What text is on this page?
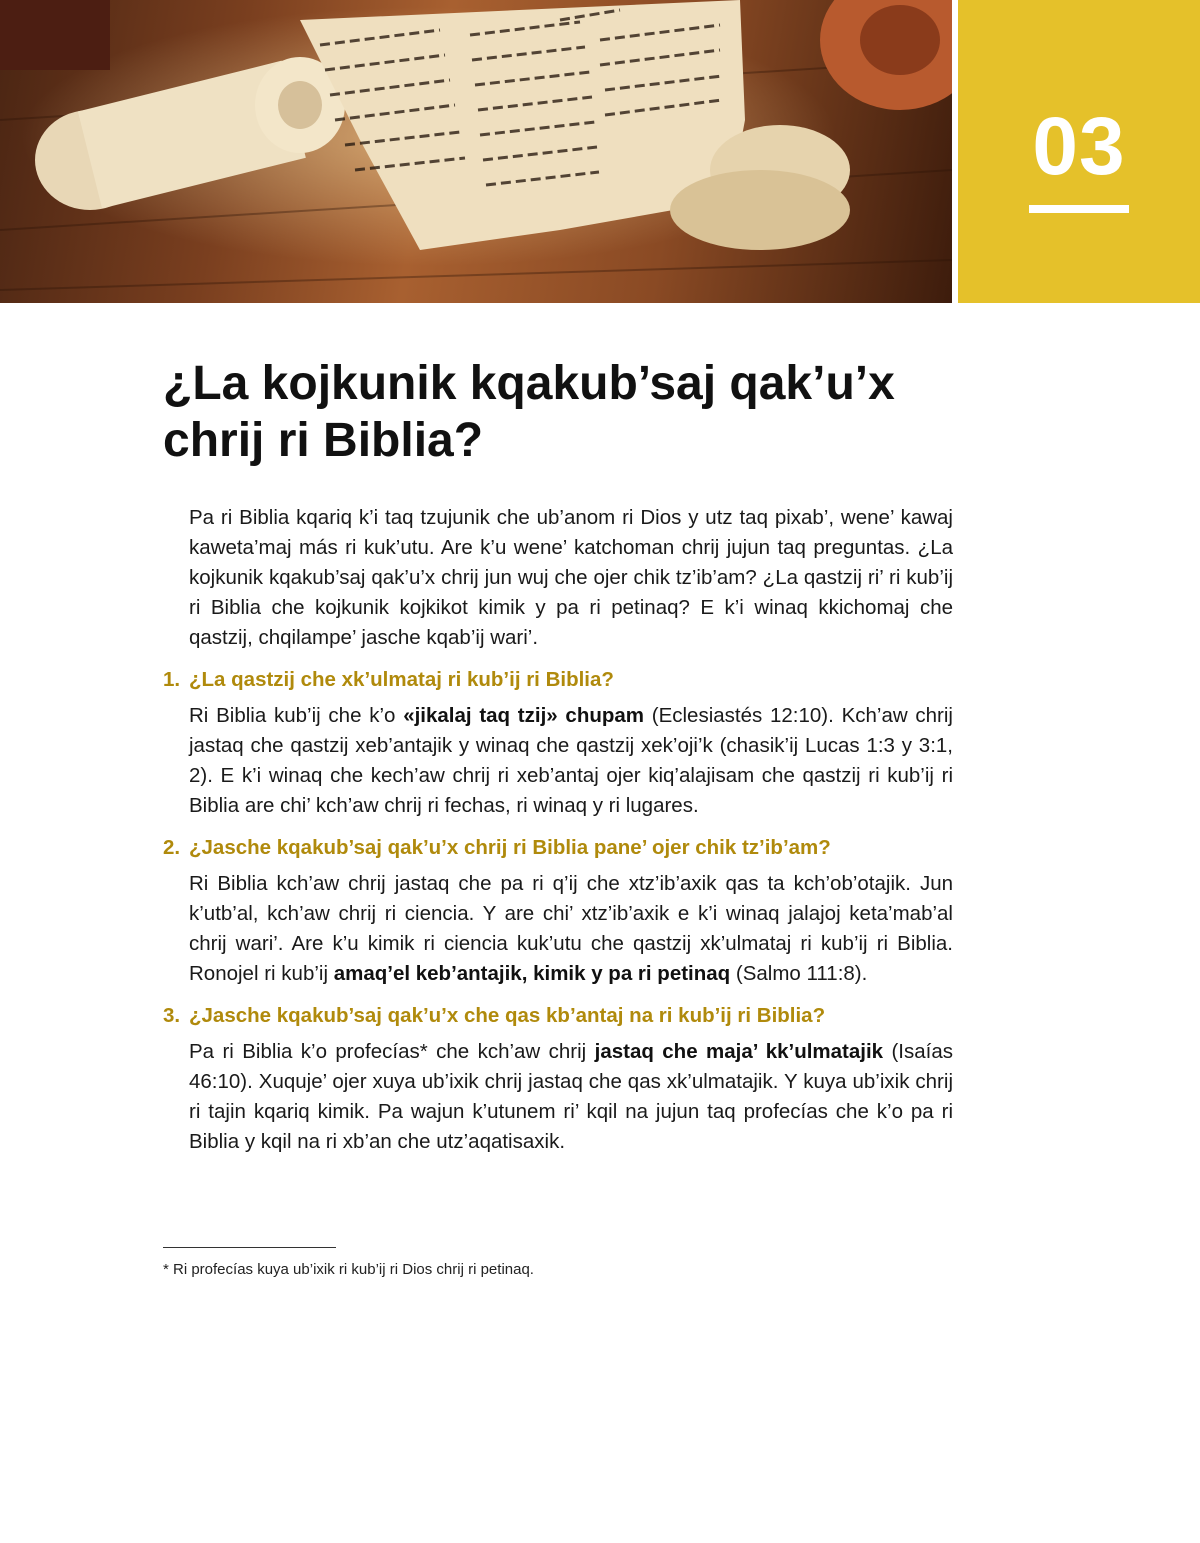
03
¿La kojkunik kqakub’saj qak’u’x
chrij ri Biblia?

Pa ri Biblia kqariq k’i taq tzujunik che ub’anom ri Dios y utz taq pixab’, wene’ kawaj kaweta’maj más ri kuk’utu. Are k’u wene’ katchoman chrij jujun taq preguntas. ¿La kojkunik kqakub’saj qak’u’x chrij jun wuj che ojer chik tz’ib’am? ¿La qastzij ri’ ri kub’ij ri Biblia che kojkunik kojkikot kimik y pa ri petinaq? E k’i winaq kkichomaj che qastzij, chqilampe’ jasche kqab’ij wari’.

1. ¿La qastzij che xk’ulmataj ri kub’ij ri Biblia?

Ri Biblia kub’ij che k’o «jikalaj taq tzij» chupam (Eclesiastés 12:10). Kch’aw chrij jastaq che qastzij xeb’antajik y winaq che qastzij xek’oji’k (chasik’ij Lucas 1:3 y 3:1, 2). E k’i winaq che kech’aw chrij ri xeb’antaj ojer kiq’alajisam che qastzij ri kub’ij ri Biblia are chi’ kch’aw chrij ri fechas, ri winaq y ri lugares.

2. ¿Jasche kqakub’saj qak’u’x chrij ri Biblia pane’ ojer chik tz’ib’am?

Ri Biblia kch’aw chrij jastaq che pa ri q’ij che xtz’ib’axik qas ta kch’ob’otajik. Jun k’utb’al, kch’aw chrij ri ciencia. Y are chi’ xtz’ib’axik e k’i winaq jalajoj keta’mab’al chrij wari’. Are k’u kimik ri ciencia kuk’utu che qastzij xk’ulmataj ri kub’ij ri Biblia. Ronojel ri kub’ij amaq’el keb’antajik, kimik y pa ri petinaq (Salmo 111:8).

3. ¿Jasche kqakub’saj qak’u’x che qas kb’antaj na ri kub’ij ri Biblia?

Pa ri Biblia k’o profecías* che kch’aw chrij jastaq che maja’ kk’ulmatajik (Isaías 46:10). Xuquje’ ojer xuya ub’ixik chrij jastaq che qas xk’ulmatajik. Y kuya ub’ixik chrij ri tajin kqariq kimik. Pa wajun k’utunem ri’ kqil na jujun taq profecías che k’o pa ri Biblia y kqil na ri xb’an che utz’aqatisaxik.

* Ri profecías kuya ub’ixik ri kub’ij ri Dios chrij ri petinaq.
